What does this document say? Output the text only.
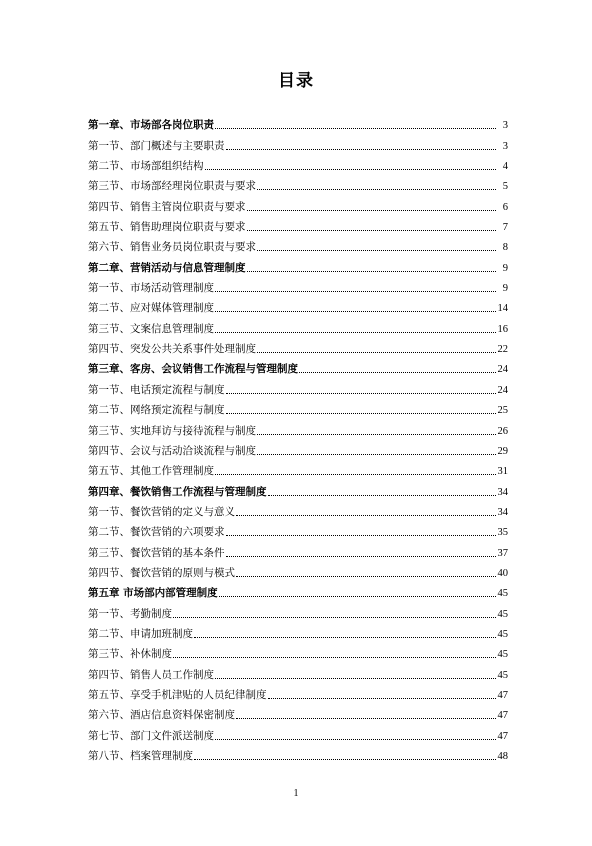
目录
第一章、市场部各岗位职责	3
第一节、部门概述与主要职责	3
第二节、市场部组织结构	4
第三节、市场部经理岗位职责与要求	5
第四节、销售主管岗位职责与要求	6
第五节、销售助理岗位职责与要求	7
第六节、销售业务员岗位职责与要求	8
第二章、营销活动与信息管理制度	9
第一节、市场活动管理制度	9
第二节、应对媒体管理制度	14
第三节、文案信息管理制度	16
第四节、突发公共关系事件处理制度	22
第三章、客房、会议销售工作流程与管理制度	24
第一节、电话预定流程与制度	24
第二节、网络预定流程与制度	25
第三节、实地拜访与接待流程与制度	26
第四节、会议与活动洽谈流程与制度	29
第五节、其他工作管理制度	31
第四章、餐饮销售工作流程与管理制度	34
第一节、餐饮营销的定义与意义	34
第二节、餐饮营销的六项要求	35
第三节、餐饮营销的基本条件	37
第四节、餐饮营销的原则与模式	40
第五章 市场部内部管理制度	45
第一节、考勤制度	45
第二节、申请加班制度	45
第三节、补休制度	45
第四节、销售人员工作制度	45
第五节、享受手机津贴的人员纪律制度	47
第六节、酒店信息资料保密制度	47
第七节、部门文件派送制度	47
第八节、档案管理制度	48
1
